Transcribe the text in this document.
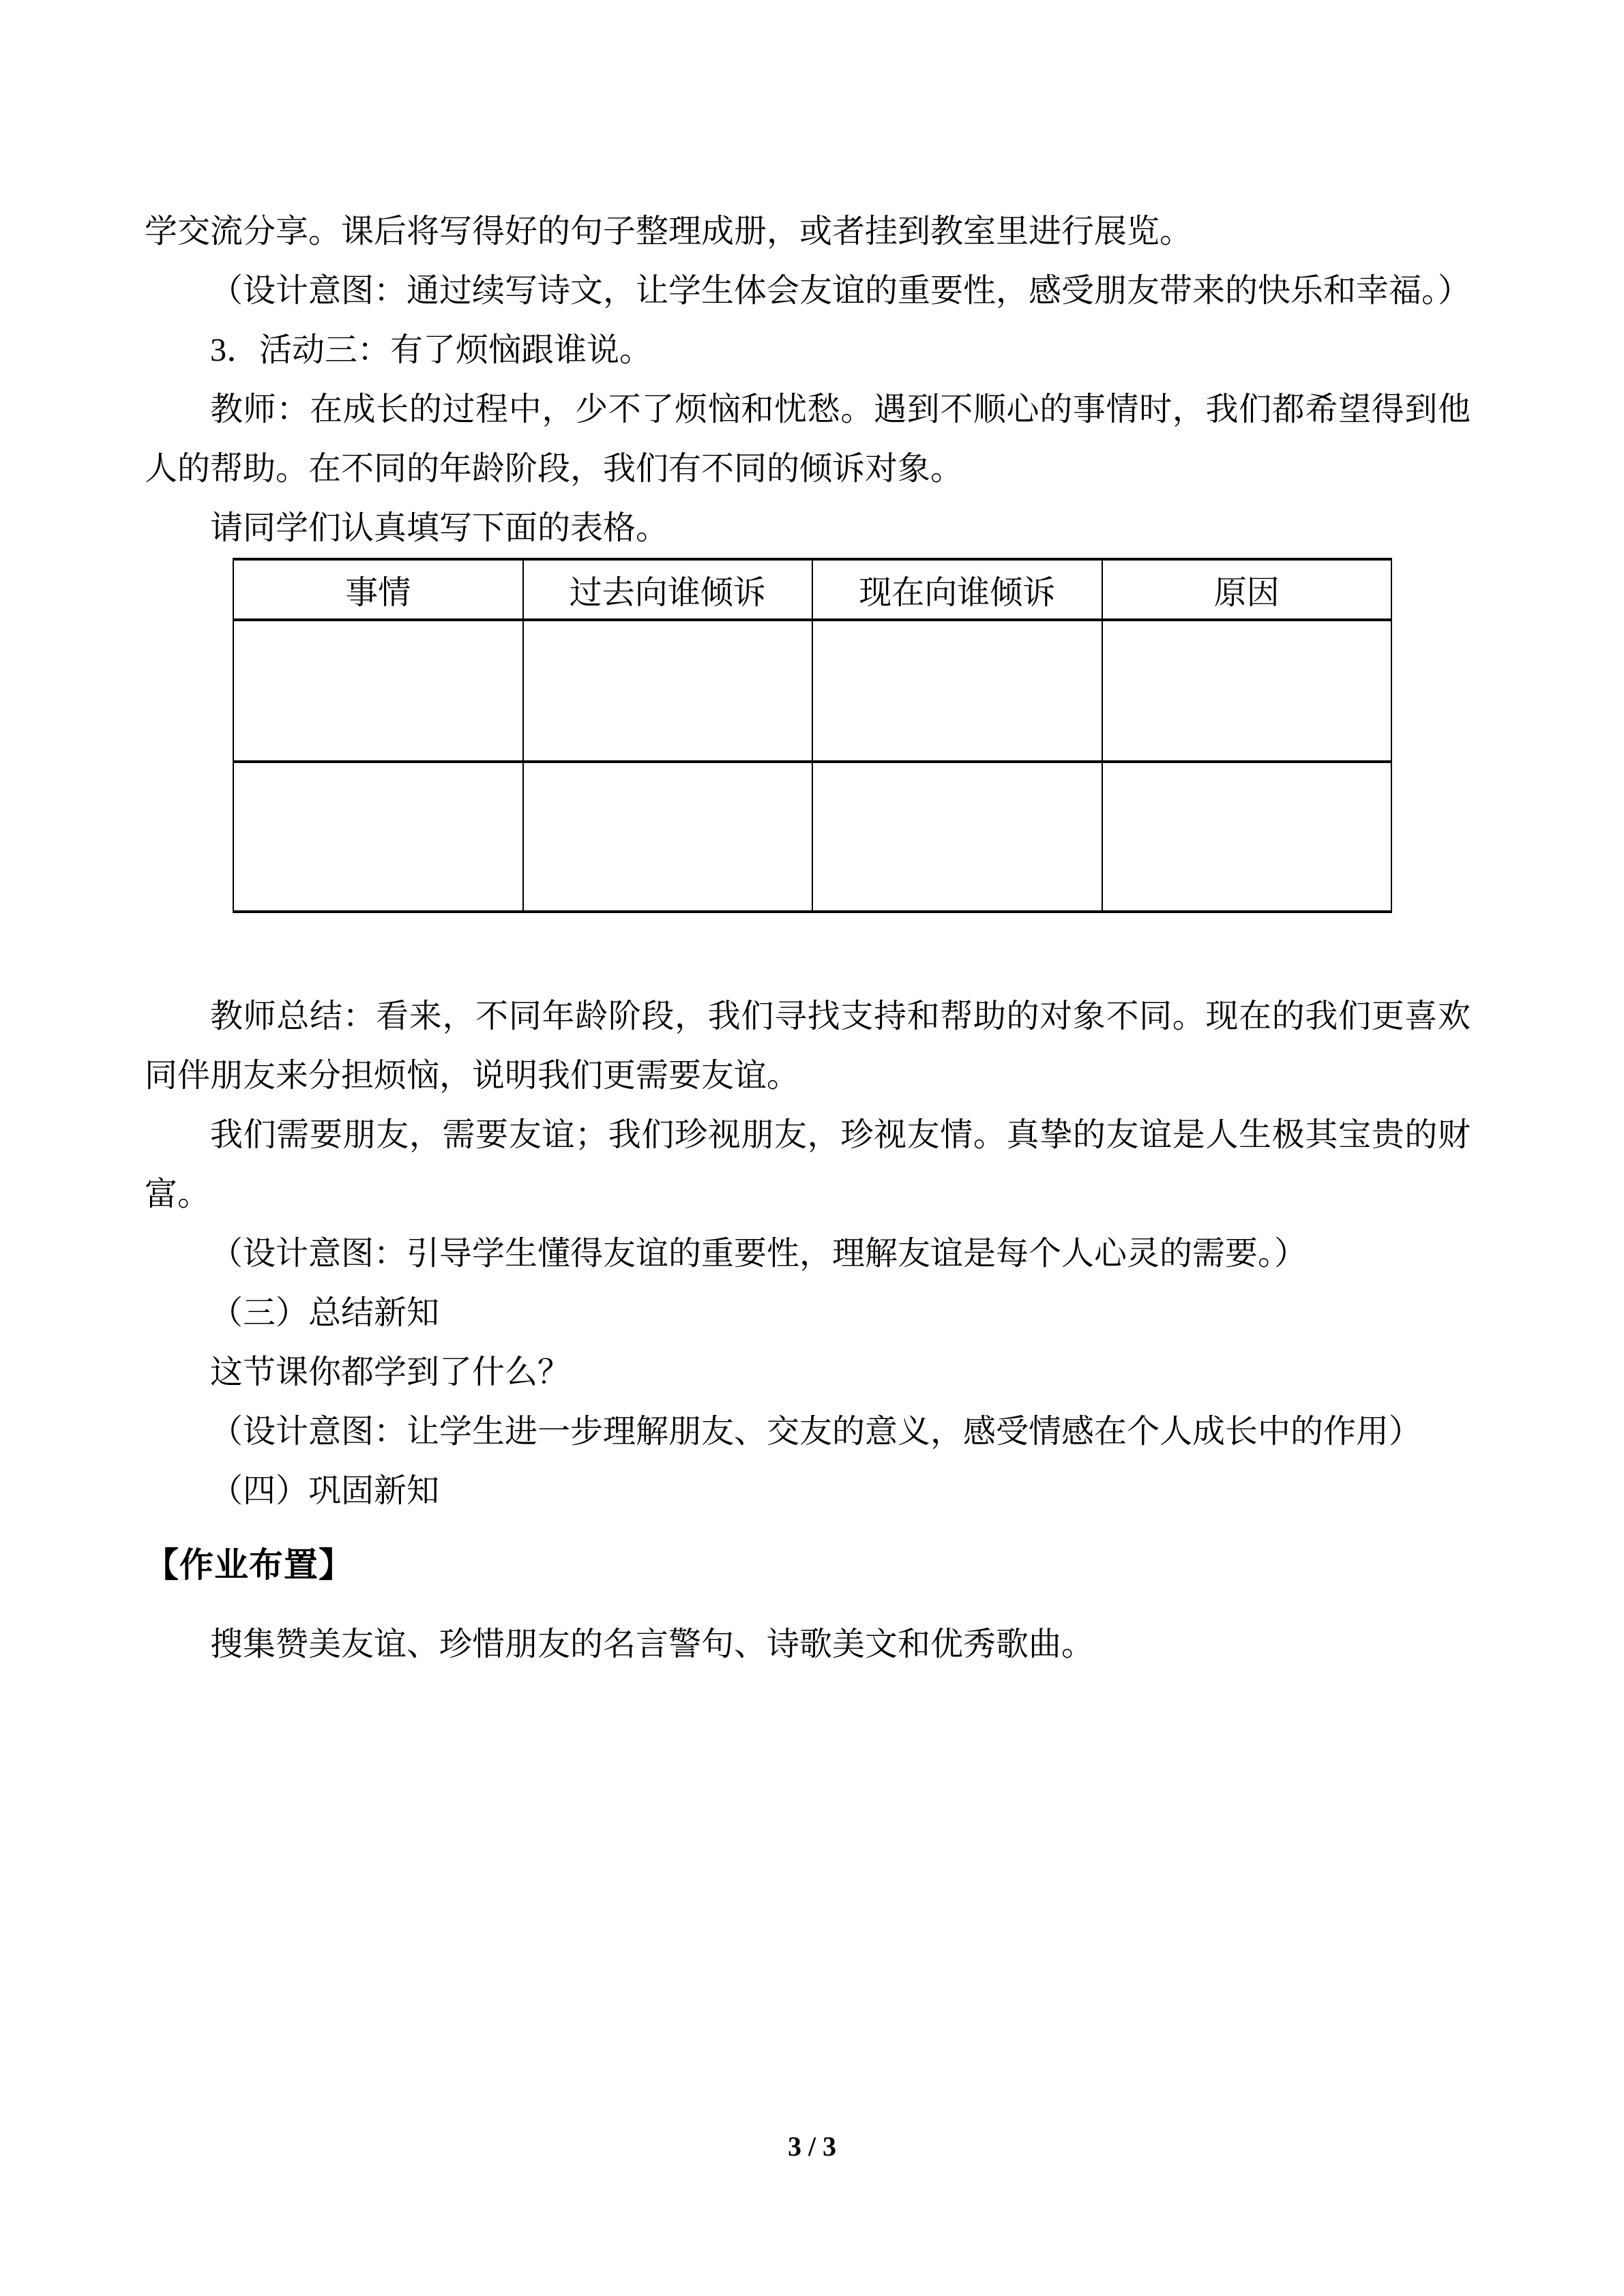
学交流分享。课后将写得好的句子整理成册，或者挂到教室里进行展览。

（设计意图：通过续写诗文，让学生体会友谊的重要性，感受朋友带来的快乐和幸福。）

3．活动三：有了烦恼跟谁说。

教师：在成长的过程中，少不了烦恼和忧愁。遇到不顺心的事情时，我们都希望得到他人的帮助。在不同的年龄阶段，我们有不同的倾诉对象。

请同学们认真填写下面的表格。

事情	过去向谁倾诉	现在向谁倾诉	原因

教师总结：看来，不同年龄阶段，我们寻找支持和帮助的对象不同。现在的我们更喜欢同伴朋友来分担烦恼，说明我们更需要友谊。

我们需要朋友，需要友谊；我们珍视朋友，珍视友情。真挚的友谊是人生极其宝贵的财富。

（设计意图：引导学生懂得友谊的重要性，理解友谊是每个人心灵的需要。）

（三）总结新知

这节课你都学到了什么？

（设计意图：让学生进一步理解朋友、交友的意义，感受情感在个人成长中的作用）

（四）巩固新知

【作业布置】

搜集赞美友谊、珍惜朋友的名言警句、诗歌美文和优秀歌曲。

3 / 3
